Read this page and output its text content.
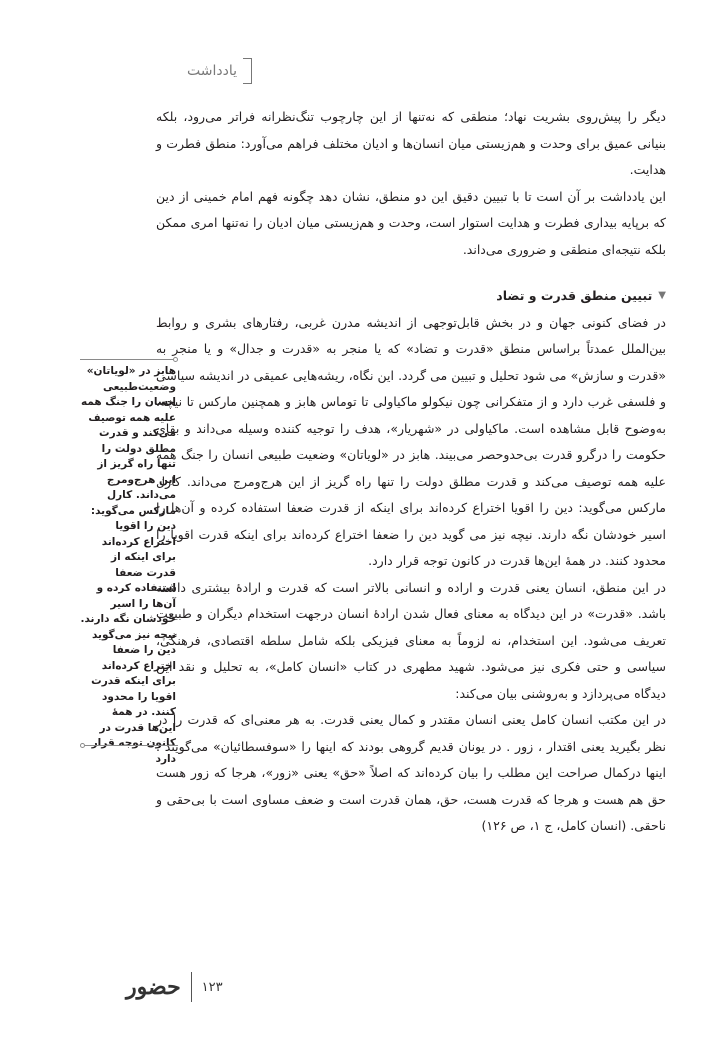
یادداشت

دیگر را پیش‌روی بشریت نهاد؛ منطقی که نه‌تنها از این چارچوب تنگ‌نظرانه فراتر می‌رود، بلکه بنیانی عمیق برای وحدت و هم‌زیستی میان انسان‌ها و ادیان مختلف فراهم می‌آورد: منطق فطرت و هدایت.

این یادداشت بر آن است تا با تبیین دقیق این دو منطق، نشان دهد چگونه فهم امام خمینی از دین که برپایه بیداری فطرت و هدایت استوار است، وحدت و هم‌زیستی میان ادیان را نه‌تنها امری ممکن بلکه نتیجه‌ای منطقی و ضروری می‌داند.

▼
تبیین منطق قدرت و تضاد

در فضای کنونی جهان و در بخش قابل‌توجهی از اندیشه مدرن غربی، رفتارهای بشری و روابط بین‌الملل عمدتاً براساس منطق «قدرت و تضاد» که یا منجر به «قدرت و جدال» و یا منجر به «قدرت و سازش» می شود تحلیل و تبیین می گردد. این نگاه، ریشه‌هایی عمیقی در اندیشه سیاسی و فلسفی غرب دارد و از متفکرانی چون نیکولو ماکیاولی تا توماس هابز و همچنین مارکس تا نیچه، به‌وضوح قابل مشاهده است. ماکیاولی در «شهریار»، هدف را توجیه کننده وسیله می‌داند و بقای حکومت را درگرو قدرت بی‌حدوحصر می‌بیند. هابز در «لویاتان» وضعیت طبیعی انسان را جنگ همه علیه همه توصیف می‌کند و قدرت مطلق دولت را تنها راه گریز از این هرج‌ومرج می‌داند. کارل مارکس می‌گوید: دین را اقویا اختراع کرده‌اند برای اینکه از قدرت ضعفا استفاده کرده و آن‌ها را اسیر خودشان نگه دارند. نیچه نیز می گوید دین را ضعفا اختراع کرده‌اند برای اینکه قدرت اقویا را محدود کنند. در همهٔ این‌ها قدرت در کانون توجه قرار دارد.

در این منطق، انسان یعنی قدرت و اراده و انسانی بالاتر است که قدرت و ارادهٔ بیشتری داشته باشد. «قدرت» در این دیدگاه به معنای فعال شدن ارادهٔ انسان درجهت استخدام دیگران و طبیعت تعریف می‌شود. این استخدام، نه لزوماً به معنای فیزیکی بلکه شامل سلطه اقتصادی، فرهنگی، سیاسی و حتی فکری نیز می‌شود. شهید مطهری در کتاب «انسان کامل»، به تحلیل و نقد این دیدگاه می‌پردازد و به‌روشنی بیان می‌کند:

در این مکتب انسان کامل یعنی انسان مقتدر و کمال یعنی قدرت. به هر معنی‌ای که قدرت را در نظر بگیرید یعنی اقتدار ، زور . در یونان قدیم گروهی بودند که اینها را «سوفسطائیان» می‌گویند . اینها درکمال صراحت این مطلب را بیان کرده‌اند که اصلاً «حق» یعنی «زور»، هرجا که زور هست حق هم هست و هرجا که قدرت هست، حق، همان قدرت است و ضعف مساوی است با بی‌حقی و ناحقی. (انسان کامل، ج ۱، ص ۱۲۶)

هابز در «لویاتان» وضعیت‌طبیعی انسان را جنگ همه علیه همه توصیف می‌کند و قدرت مطلق دولت را تنها راه گریز از این هرج‌ومرج می‌داند. کارل مارکس می‌گوید: دین را اقویا اختراع کرده‌اند برای اینکه از قدرت ضعفا استفاده کرده و آن‌ها را اسیر خودشان نگه دارند. نیچه نیز می‌گوید دین را ضعفا اختراع کرده‌اند برای اینکه قدرت اقویا را محدود کنند. در همهٔ این‌ها قدرت در کانون توجه قرار دارد
حضور ۱۲۳
